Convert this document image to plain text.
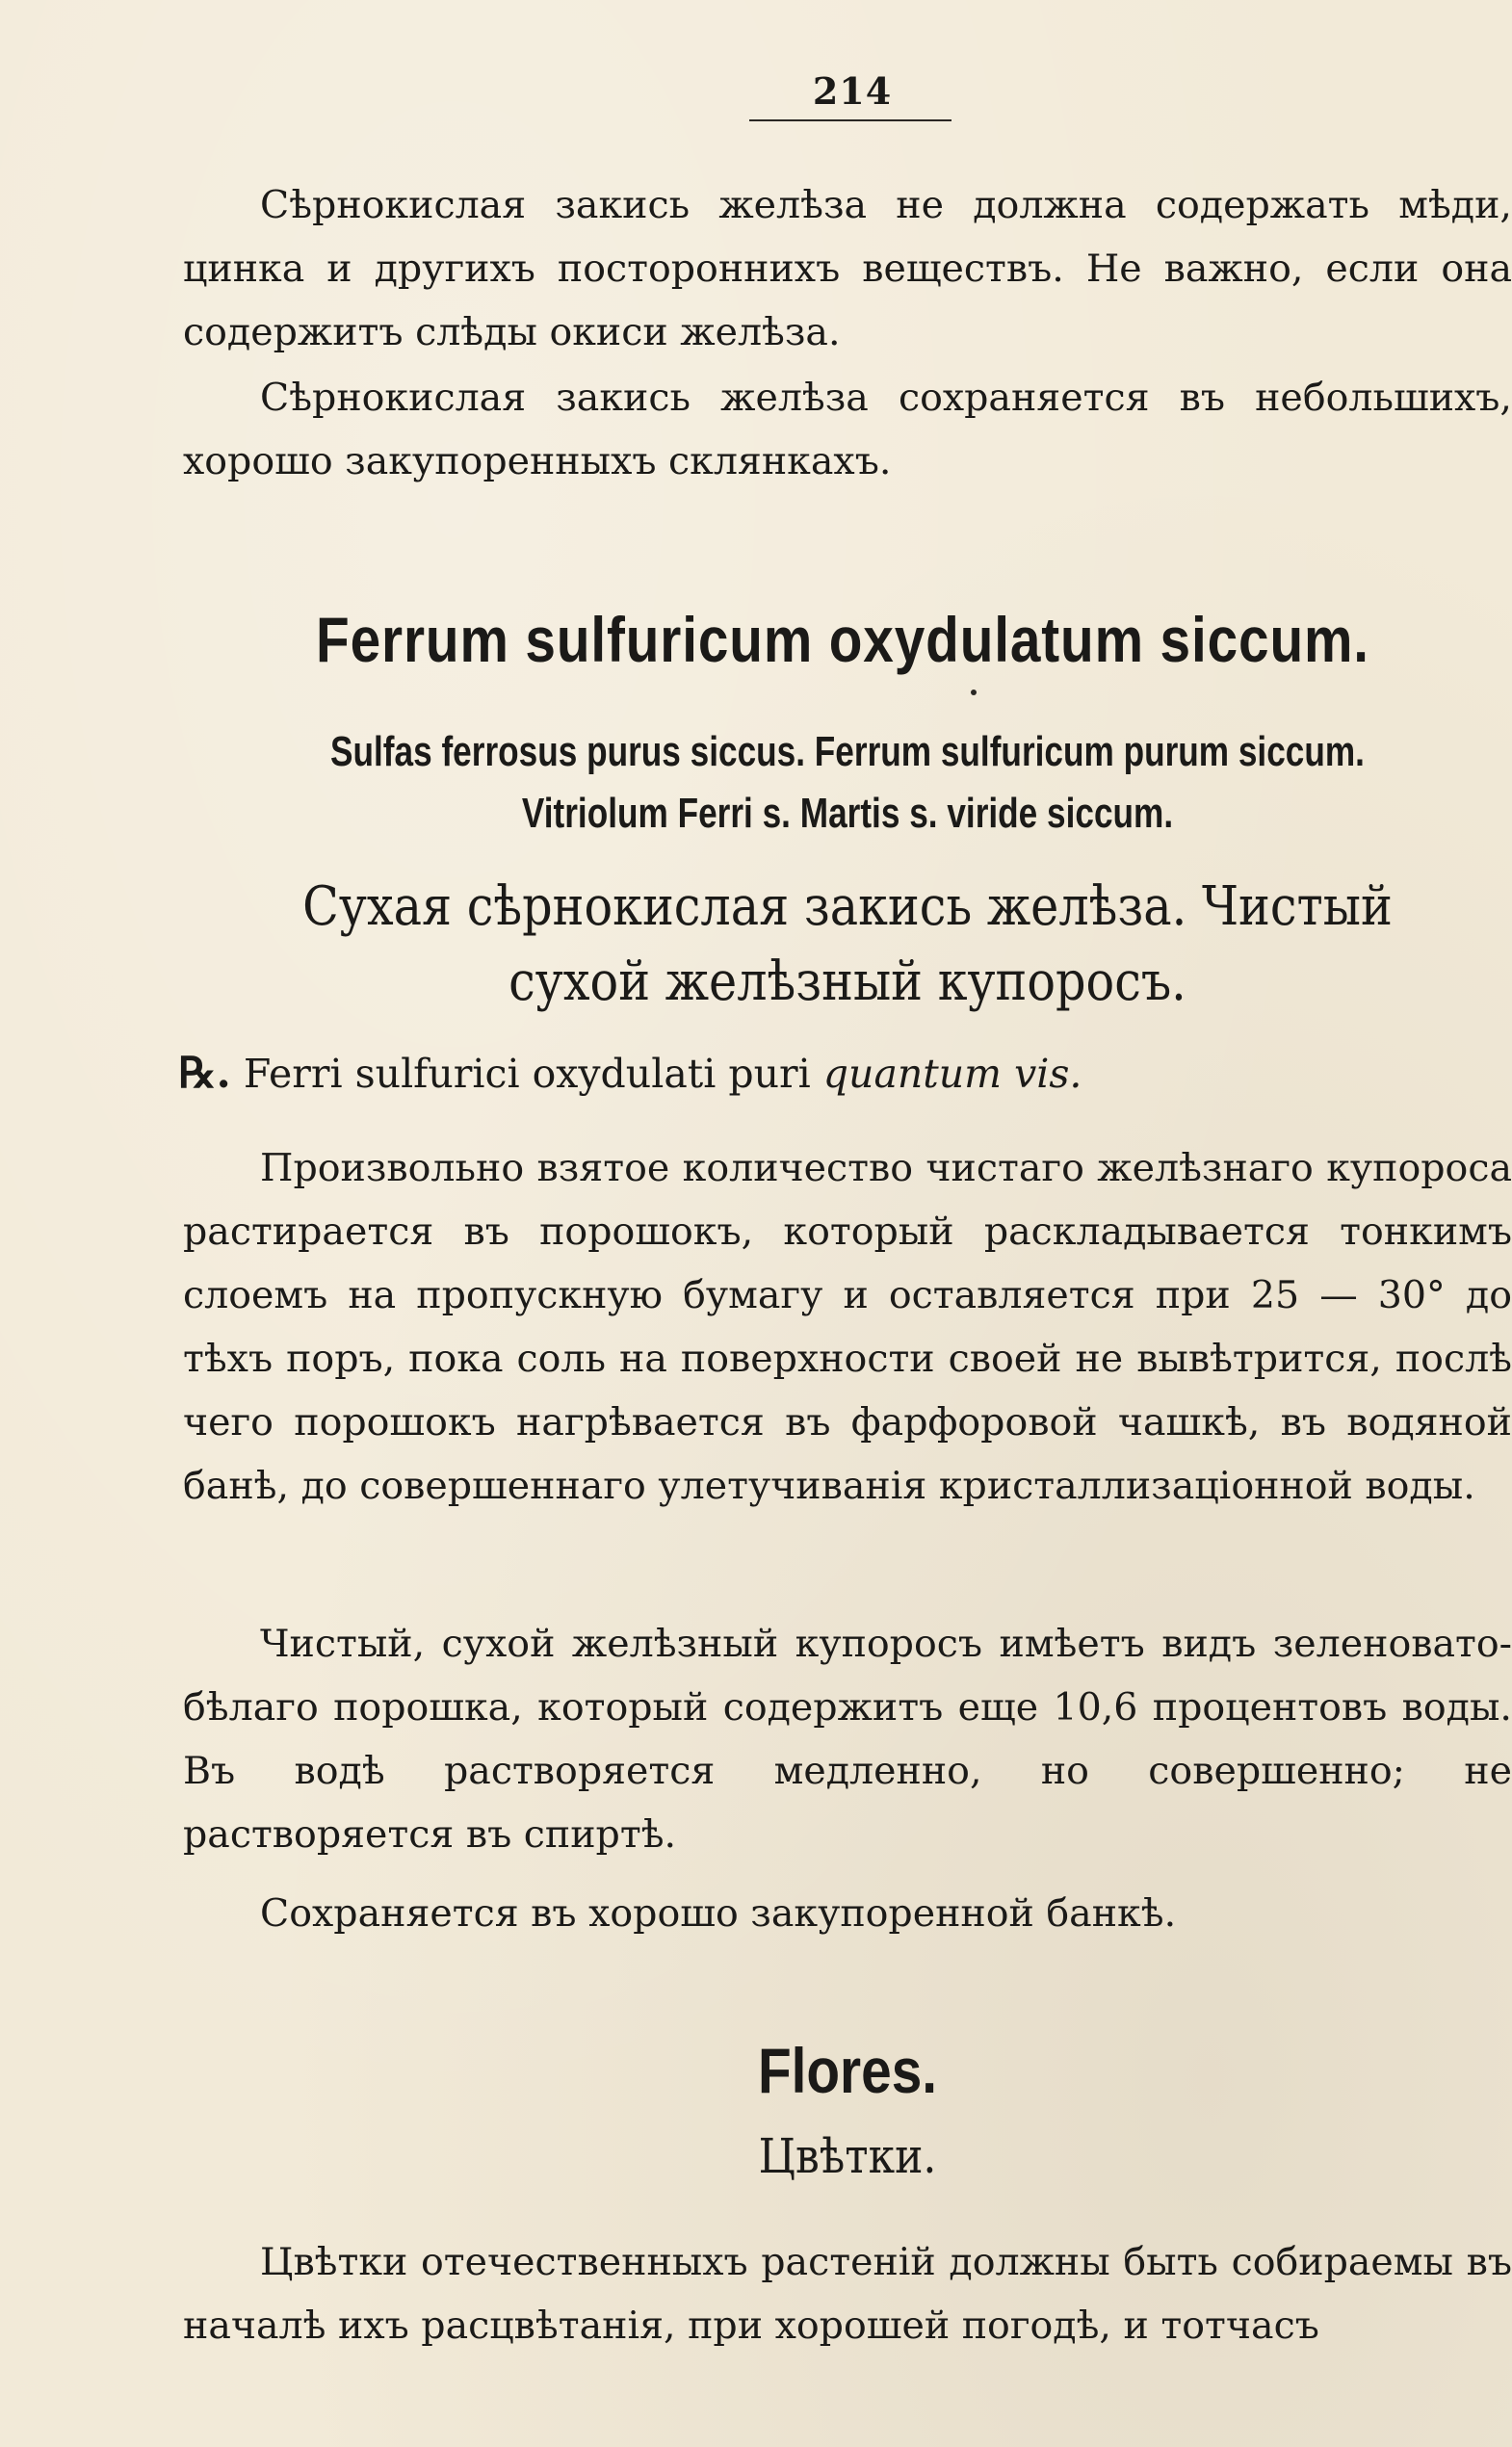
214
Сѣрнокислая закись желѣза не должна содержать мѣди, цинка и другихъ постороннихъ веществъ. Не важно, если она содержитъ слѣды окиси желѣза.
Сѣрнокислая закись желѣза сохраняется въ небольшихъ, хорошо закупоренныхъ склянкахъ.
Ferrum sulfuricum oxydulatum siccum.
Sulfas ferrosus purus siccus. Ferrum sulfuricum purum siccum.
Vitriolum Ferri s. Martis s. viride siccum.
Сухая сѣрнокислая закись желѣза. Чистый
сухой желѣзный купоросъ.
℞. Ferri sulfurici oxydulati puri quantum vis.
Произвольно взятое количество чистаго желѣзнаго купороса растирается въ порошокъ, который раскладывается тонкимъ слоемъ на пропускную бумагу и оставляется при 25 — 30° до тѣхъ поръ, пока соль на поверхности своей не вывѣтрится, послѣ чего порошокъ нагрѣвается въ фарфоровой чашкѣ, въ водяной банѣ, до совершеннаго улетучиванія кристаллизаціонной воды.
Чистый, сухой желѣзный купоросъ имѣетъ видъ зеленовато-бѣлаго порошка, который содержитъ еще 10,6 процентовъ воды. Въ водѣ растворяется медленно, но совершенно; не растворяется въ спиртѣ.
Сохраняется въ хорошо закупоренной банкѣ.
Flores.
Цвѣтки.
Цвѣтки отечественныхъ растеній должны быть собираемы въ началѣ ихъ расцвѣтанія, при хорошей погодѣ, и тотчасъ
